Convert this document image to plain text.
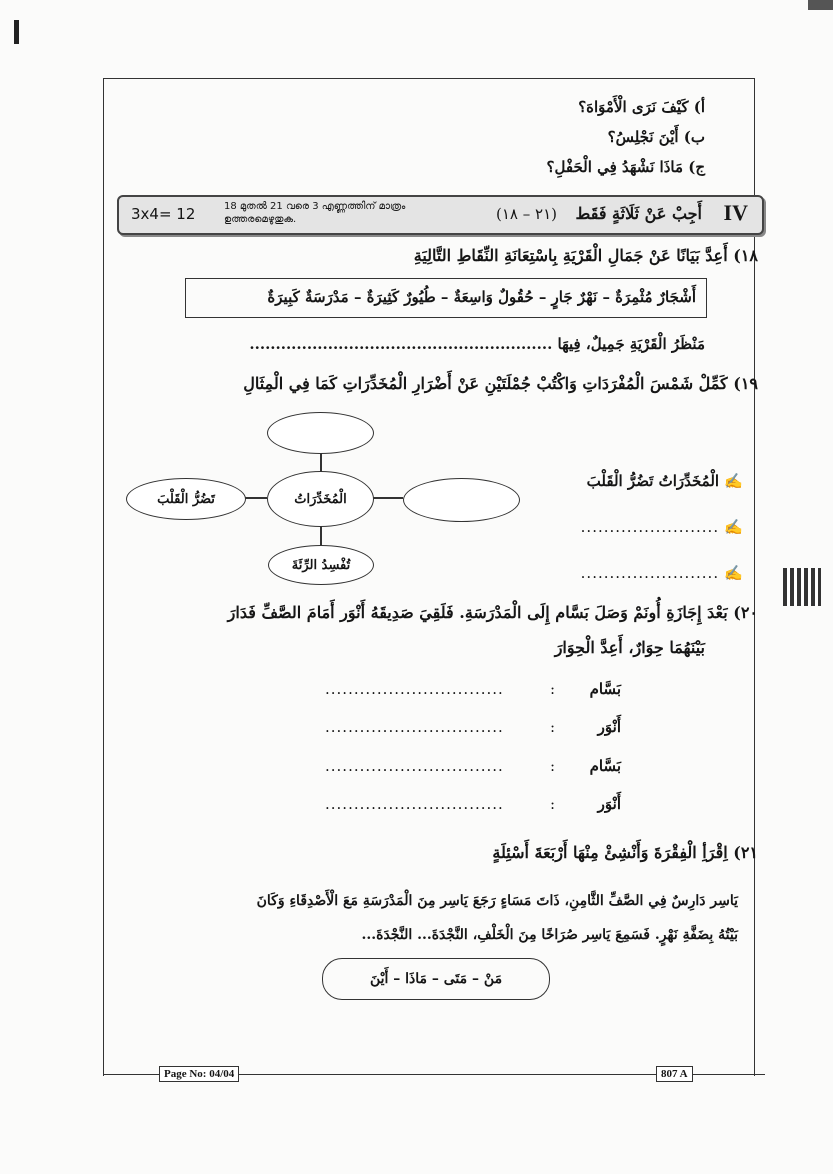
أ) كَيْفَ نَرَى الْأَمْوَاهَ؟
ب) أَيْنَ نَجْلِسُ؟
ج) مَاذَا نَشْهَدُ فِي الْحَفْلِ؟
3x4= 12	18 മുതൽ 21 വരെ 3 എണ്ണത്തിന് മാത്രം ഉത്തരമെഴുതുക.	(٢١ – ١٨) أَجِبْ عَنْ ثَلَاثَةٍ فَقَط IV
١٨) أَعِدَّ بَيَانًا عَنْ جَمَالِ الْقَرْيَةِ بِاسْتِعَانَةِ النِّقَاطِ التَّالِيَةِ
أَشْجَارٌ مُثْمِرَةٌ – نَهْرٌ جَارٍ – حُقُولٌ وَاسِعَةٌ – طُيُورٌ كَثِيرَةٌ – مَدْرَسَةٌ كَبِيرَةٌ
مَنْظَرُ الْقَرْيَةِ جَمِيلٌ، فِيهَا ..........................................................
١٩) كَمِّلْ شَمْسَ الْمُفْرَدَاتِ وَاكْتُبْ جُمْلَتَيْنِ عَنْ أَضْرَارِ الْمُخَدِّرَاتِ كَمَا فِي الْمِثَالِ
الْمُخَدِّرَاتُ
تَضُرُّ الْقَلْبَ
تُفْسِدُ الرِّئَةَ
✍ الْمُخَدِّرَاتُ تَضُرُّ الْقَلْبَ
✍ ........................
✍ ........................
٢٠) بَعْدَ إِجَازَةِ أُونَمْ وَصَلَ بَسَّام إِلَى الْمَدْرَسَةِ. فَلَقِيَ صَدِيقَهُ أَنْوَر أَمَامَ الصَّفِّ فَدَارَ
بَيْنَهُمَا حِوَارٌ، أَعِدَّ الْحِوَارَ
بَسَّام
:
...............................
أَنْوَر
:
...............................
بَسَّام
:
...............................
أَنْوَر
:
...............................
٢١) اِقْرَأِ الْفِقْرَةَ وَأَنْشِئْ مِنْهَا أَرْبَعَةَ أَسْئِلَةٍ
يَاسِر دَارِسٌ فِي الصَّفِّ الثَّامِنِ، ذَاتَ مَسَاءٍ رَجَعَ يَاسِر مِنَ الْمَدْرَسَةِ مَعَ الْأَصْدِقَاءِ وَكَانَ
بَيْتُهُ بِضَفَّةِ نَهْرٍ. فَسَمِعَ يَاسِر صُرَاخًا مِنَ الْخَلْفِ، النَّجْدَةَ... النَّجْدَةَ...
مَنْ – مَتَى – مَاذَا – أَيْنَ
Page No: 04/04	807 A
